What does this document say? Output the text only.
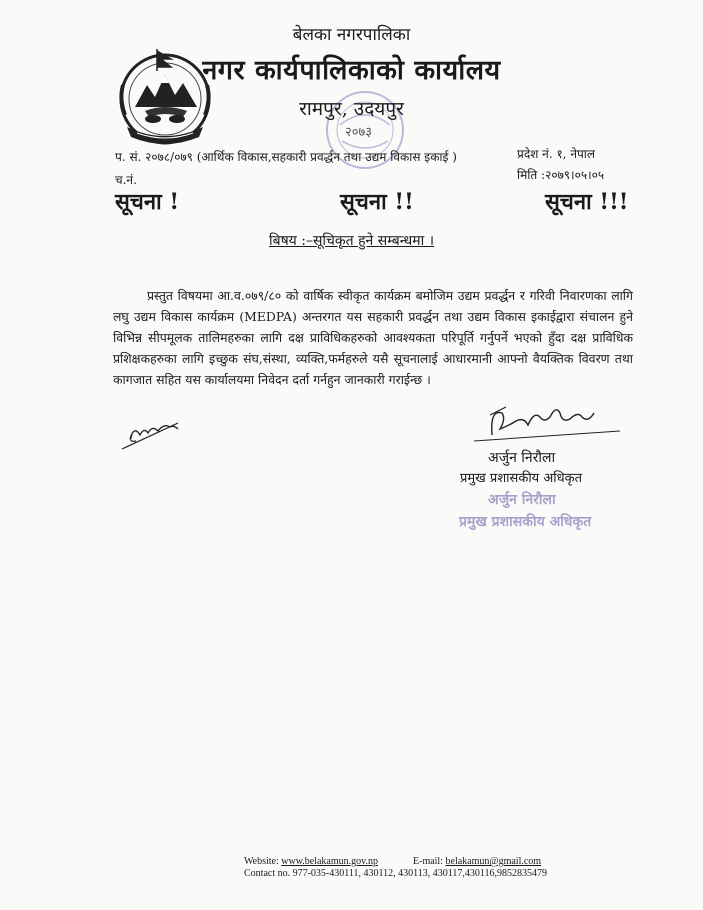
बेलका नगरपालिका
नगर कार्यपालिकाको कार्यालय
रामपुर, उदयपुर
२०७३
प. सं. २०७८/०७९ (आर्थिक विकास,सहकारी प्रवर्द्धन तथा उद्यम विकास इकाई )
च.नं.
प्रदेश नं. १, नेपाल
मिति :२०७९।०५।०५
सूचना !	सूचना !!	सूचना !!!
बिषय :–सूचिकृत हुने सम्बन्धमा ।
प्रस्तुत विषयमा आ.व.०७९/८० को वार्षिक स्वीकृत कार्यक्रम बमोजिम उद्यम प्रवर्द्धन र गरिवी निवारणका लागि लघु उद्यम विकास कार्यक्रम (MEDPA) अन्तरगत यस सहकारी प्रवर्द्धन तथा उद्यम विकास इकाईद्वारा संचालन हुने विभिन्न सीपमूलक तालिमहरुका लागि दक्ष प्राविधिकहरुको आवश्यकता परिपूर्ति गर्नुपर्ने भएको हुँदा दक्ष प्राविधिक प्रशिक्षकहरुका लागि इच्छुक संघ,संस्था, व्यक्ति,फर्महरुले यसै सूचनालाई आधारमानी आफ्नो वैयक्तिक विवरण तथा कागजात सहित यस कार्यालयमा निवेदन दर्ता गर्नहुन जानकारी गराईन्छ ।
अर्जुन निरौला
प्रमुख प्रशासकीय अधिकृत
अर्जुन निरौला
प्रमुख प्रशासकीय अधिकृत
Website: www.belakamun.gov.np	E-mail: belakamun@gmail.com
Contact no. 977-035-430111, 430112, 430113, 430117,430116,9852835479
